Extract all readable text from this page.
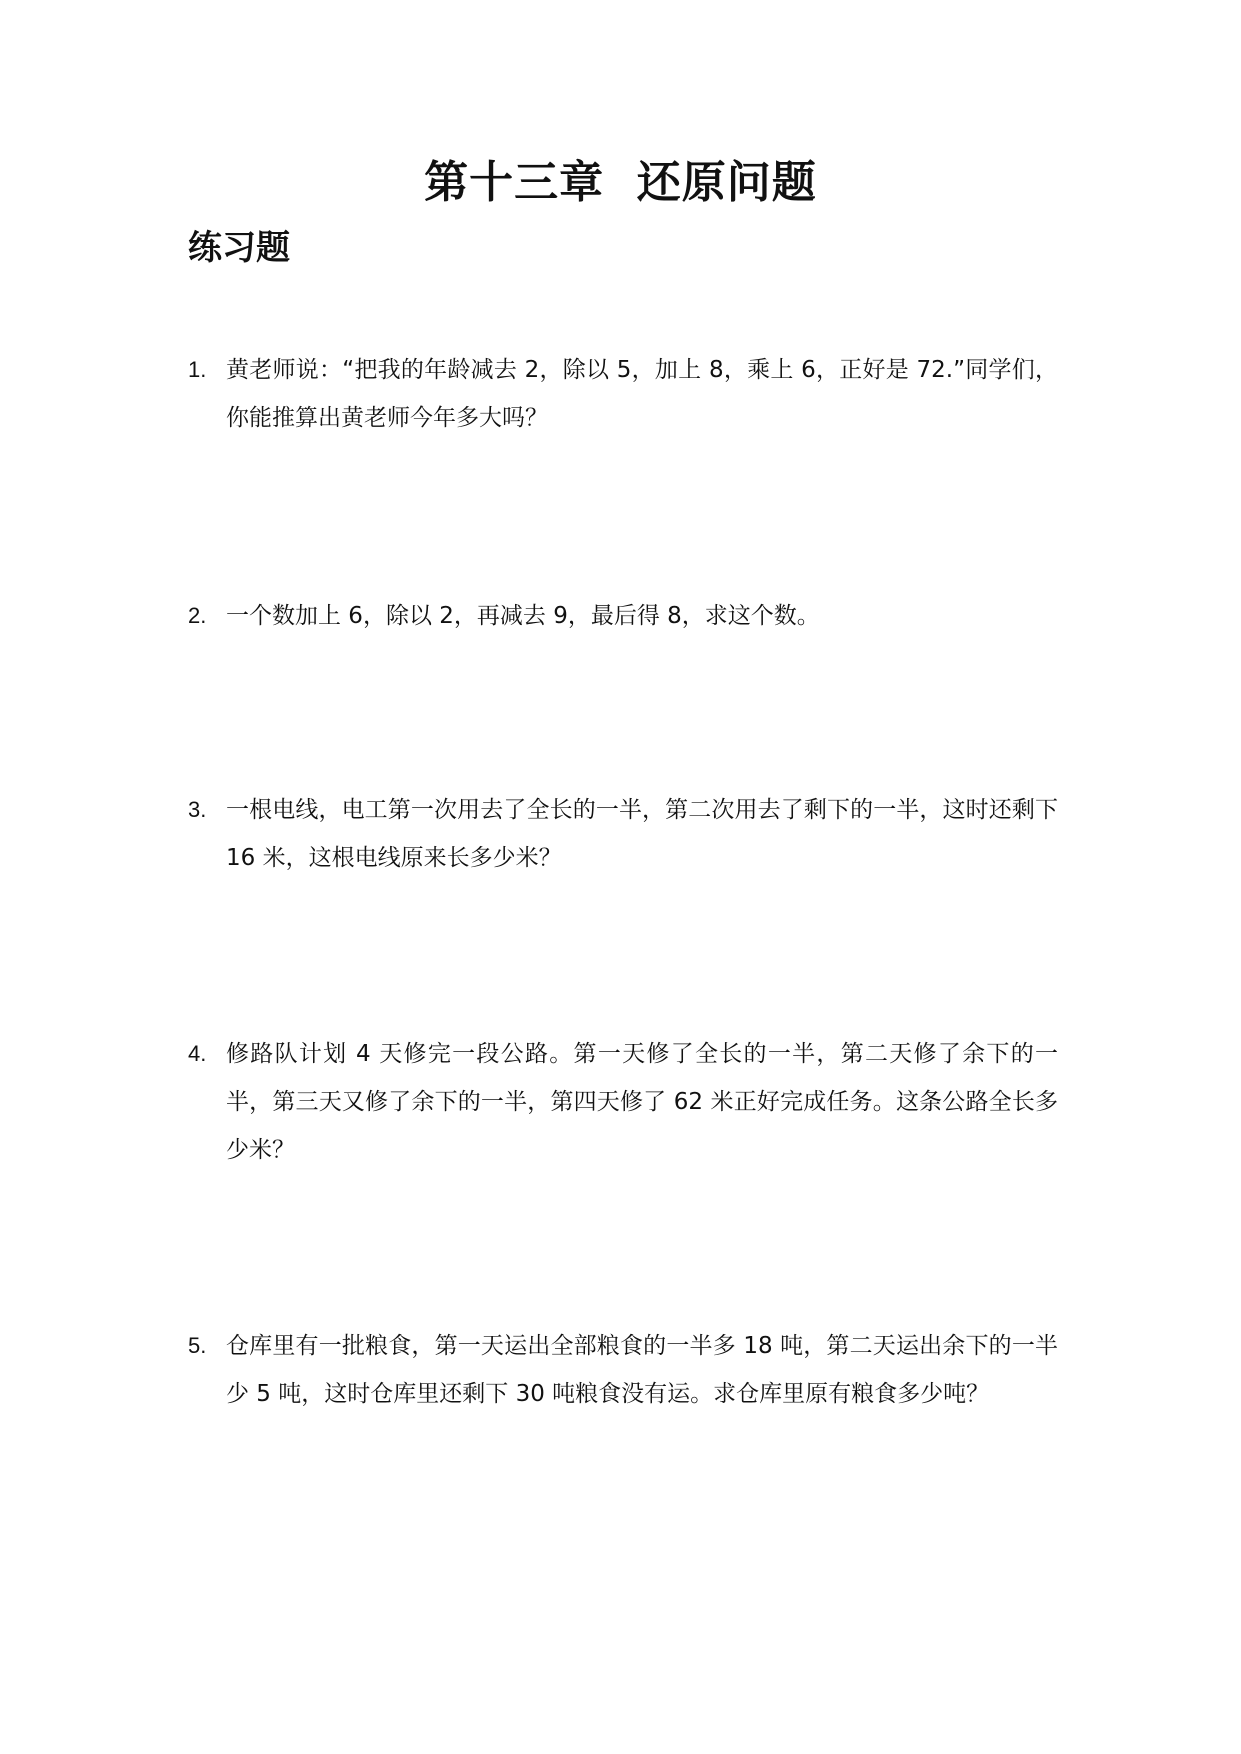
第十三章  还原问题
练习题
1. 黄老师说：“把我的年龄减去 2，除以 5，加上 8，乘上 6，正好是 72.”同学们，你能推算出黄老师今年多大吗？
2. 一个数加上 6，除以 2，再减去 9，最后得 8，求这个数。
3. 一根电线，电工第一次用去了全长的一半，第二次用去了剩下的一半，这时还剩下 16 米，这根电线原来长多少米？
4. 修路队计划 4 天修完一段公路。第一天修了全长的一半，第二天修了余下的一半，第三天又修了余下的一半，第四天修了 62 米正好完成任务。这条公路全长多少米？
5. 仓库里有一批粮食，第一天运出全部粮食的一半多 18 吨，第二天运出余下的一半少 5 吨，这时仓库里还剩下 30 吨粮食没有运。求仓库里原有粮食多少吨？
